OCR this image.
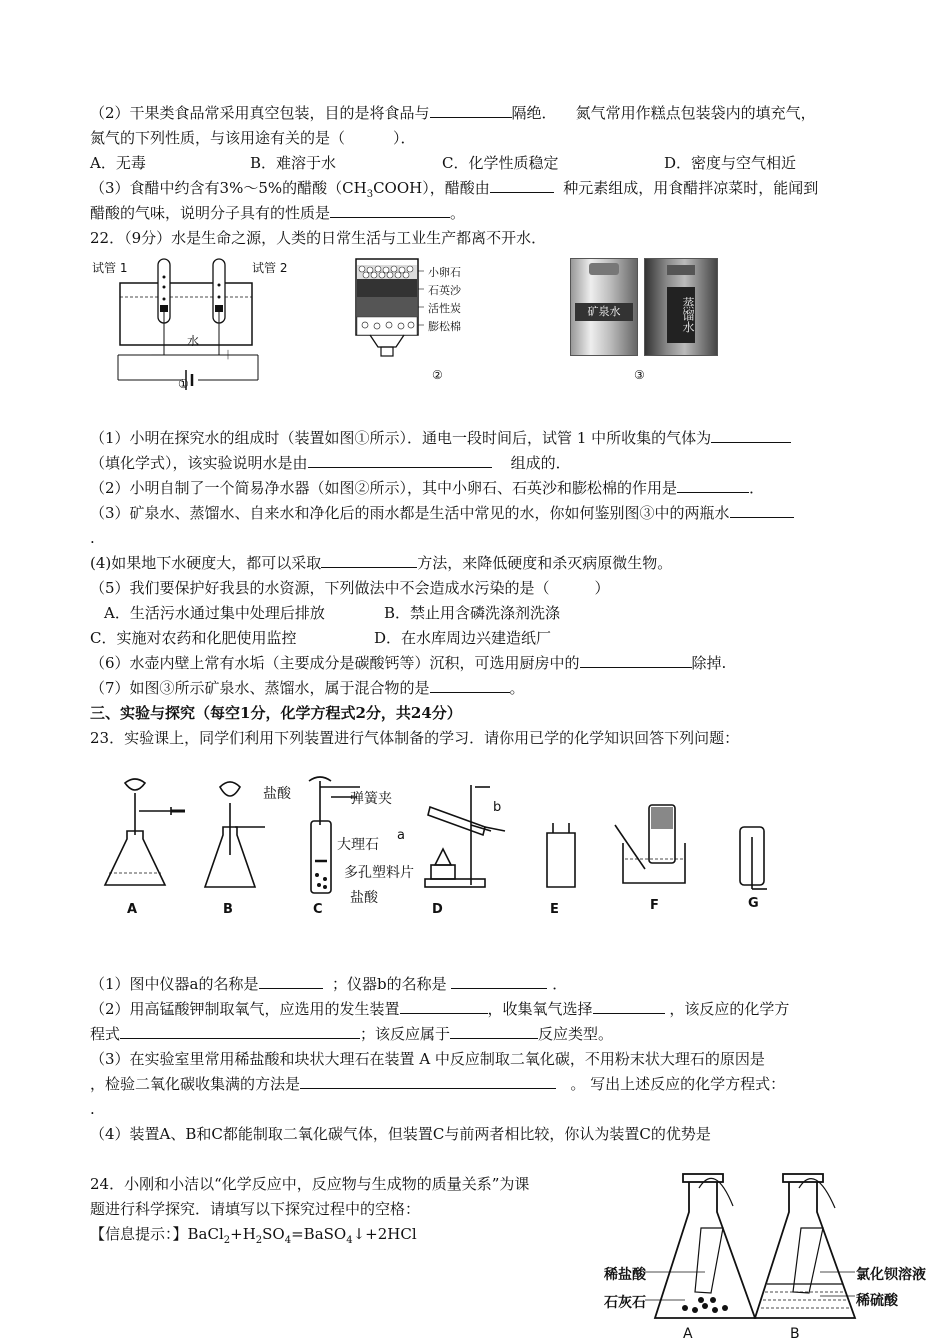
（2）干果类食品常采用真空包装，目的是将食品与	隔绝． 氮气常用作糕点包装袋内的填充气，
氮气的下列性质，与该用途有关的是（	）．
A．无毒	B．难溶于水	C．化学性质稳定	D．密度与空气相近
（3）食醋中约含有3%～5%的醋酸$(CH_3COOH)$，醋酸由	种元素组成，用食醋拌凉菜时，能闻到
醋酸的气味，说明分子具有的性质是	。
22．（9分）水是生命之源，人类的日常生活与工业生产都离不开水．
试管 1	试管 2
水
－	＋
①
小卵石
石英沙
活性炭
膨松棉
②
矿泉水	蒸馏水
③
（1）小明在探究水的组成时（装置如图①所示）．通电一段时间后，试管 1 中所收集的气体为
（填化学式），该实验说明水是由	组成的．
（2）小明自制了一个简易净水器（如图②所示），其中小卵石、石英沙和膨松棉的作用是	．
（3）矿泉水、蒸馏水、自来水和净化后的雨水都是生活中常见的水，你如何鉴别图③中的两瓶水
.
(4)如果地下水硬度大，都可以采取	方法，来降低硬度和杀灭病原微生物。
（5）我们要保护好我县的水资源，下列做法中不会造成水污染的是（　　　）
A．生活污水通过集中处理后排放	B．禁止用含磷洗涤剂洗涤
C．实施对农药和化肥使用监控	D．在水库周边兴建造纸厂
（6）水壶内壁上常有水垢（主要成分是碳酸钙等）沉积，可选用厨房中的	除掉.
（7）如图③所示矿泉水、蒸馏水，属于混合物的是	。
三、实验与探究（每空1分，化学方程式2分，共24分）
23．实验课上，同学们利用下列装置进行气体制备的学习．请你用已学的化学知识回答下列问题：
盐酸	弹簧夹
大理石
多孔塑料片
盐酸
a
b
A	B	C	D	E	F	G
（1）图中仪器a的名称是	；仪器b的名称是	．
（2）用高锰酸钾制取氧气，应选用的发生装置	，收集氧气选择	，该反应的化学方
程式	；该反应属于	反应类型。
（3）在实验室里常用稀盐酸和块状大理石在装置 A 中反应制取二氧化碳，不用粉末状大理石的原因是
，检验二氧化碳收集满的方法是	。 写出上述反应的化学方程式：
.
（4）装置A、B和C都能制取二氧化碳气体，但装置C与前两者相比较，你认为装置C的优势是
24．小刚和小洁以“化学反应中，反应物与生成物的质量关系”为课
题进行科学探究．请填写以下探究过程中的空格：
【信息提示：】$BaCl_2+H_2SO_4=BaSO_4↓+2HCl$
稀盐酸
石灰石
氯化钡溶液
稀硫酸
A	B
